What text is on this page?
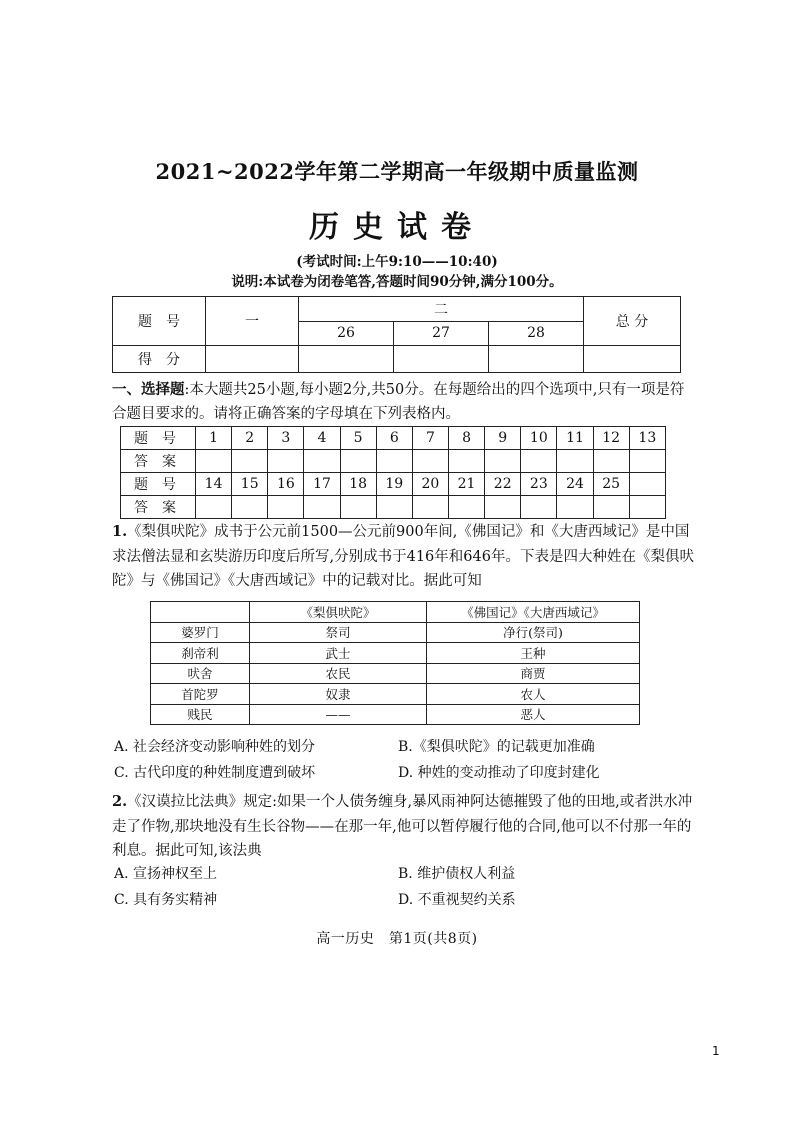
2021~2022学年第二学期高一年级期中质量监测
历史试卷
(考试时间:上午9:10——10:40)
说明:本试卷为闭卷笔答,答题时间90分钟,满分100分。
题　号	一	二			总 分
		26	27	28	
得　分					
一、选择题:本大题共25小题,每小题2分,共50分。在每题给出的四个选项中,只有一项是符合题目要求的。请将正确答案的字母填在下列表格内。
题号	1	2	3	4	5	6	7	8	9	10	11	12	13
答案													
题号	14	15	16	17	18	19	20	21	22	23	24	25	
答案													
1.《梨俱吠陀》成书于公元前1500—公元前900年间,《佛国记》和《大唐西域记》是中国求法僧法显和玄奘游历印度后所写,分别成书于416年和646年。下表是四大种姓在《梨俱吠陀》与《佛国记》《大唐西域记》中的记载对比。据此可知
	《梨俱吠陀》	《佛国记》《大唐西域记》
婆罗门	祭司	净行(祭司)
刹帝利	武士	王种
吠舍	农民	商贾
首陀罗	奴隶	农人
贱民	——	恶人
A. 社会经济变动影响种姓的划分	B.《梨俱吠陀》的记载更加准确
C. 古代印度的种姓制度遭到破坏	D. 种姓的变动推动了印度封建化
2.《汉谟拉比法典》规定:如果一个人债务缠身,暴风雨神阿达德摧毁了他的田地,或者洪水冲走了作物,那块地没有生长谷物——在那一年,他可以暂停履行他的合同,他可以不付那一年的利息。据此可知,该法典
A. 宣扬神权至上	B. 维护债权人利益
C. 具有务实精神	D. 不重视契约关系
高一历史　第1页(共8页)
1
